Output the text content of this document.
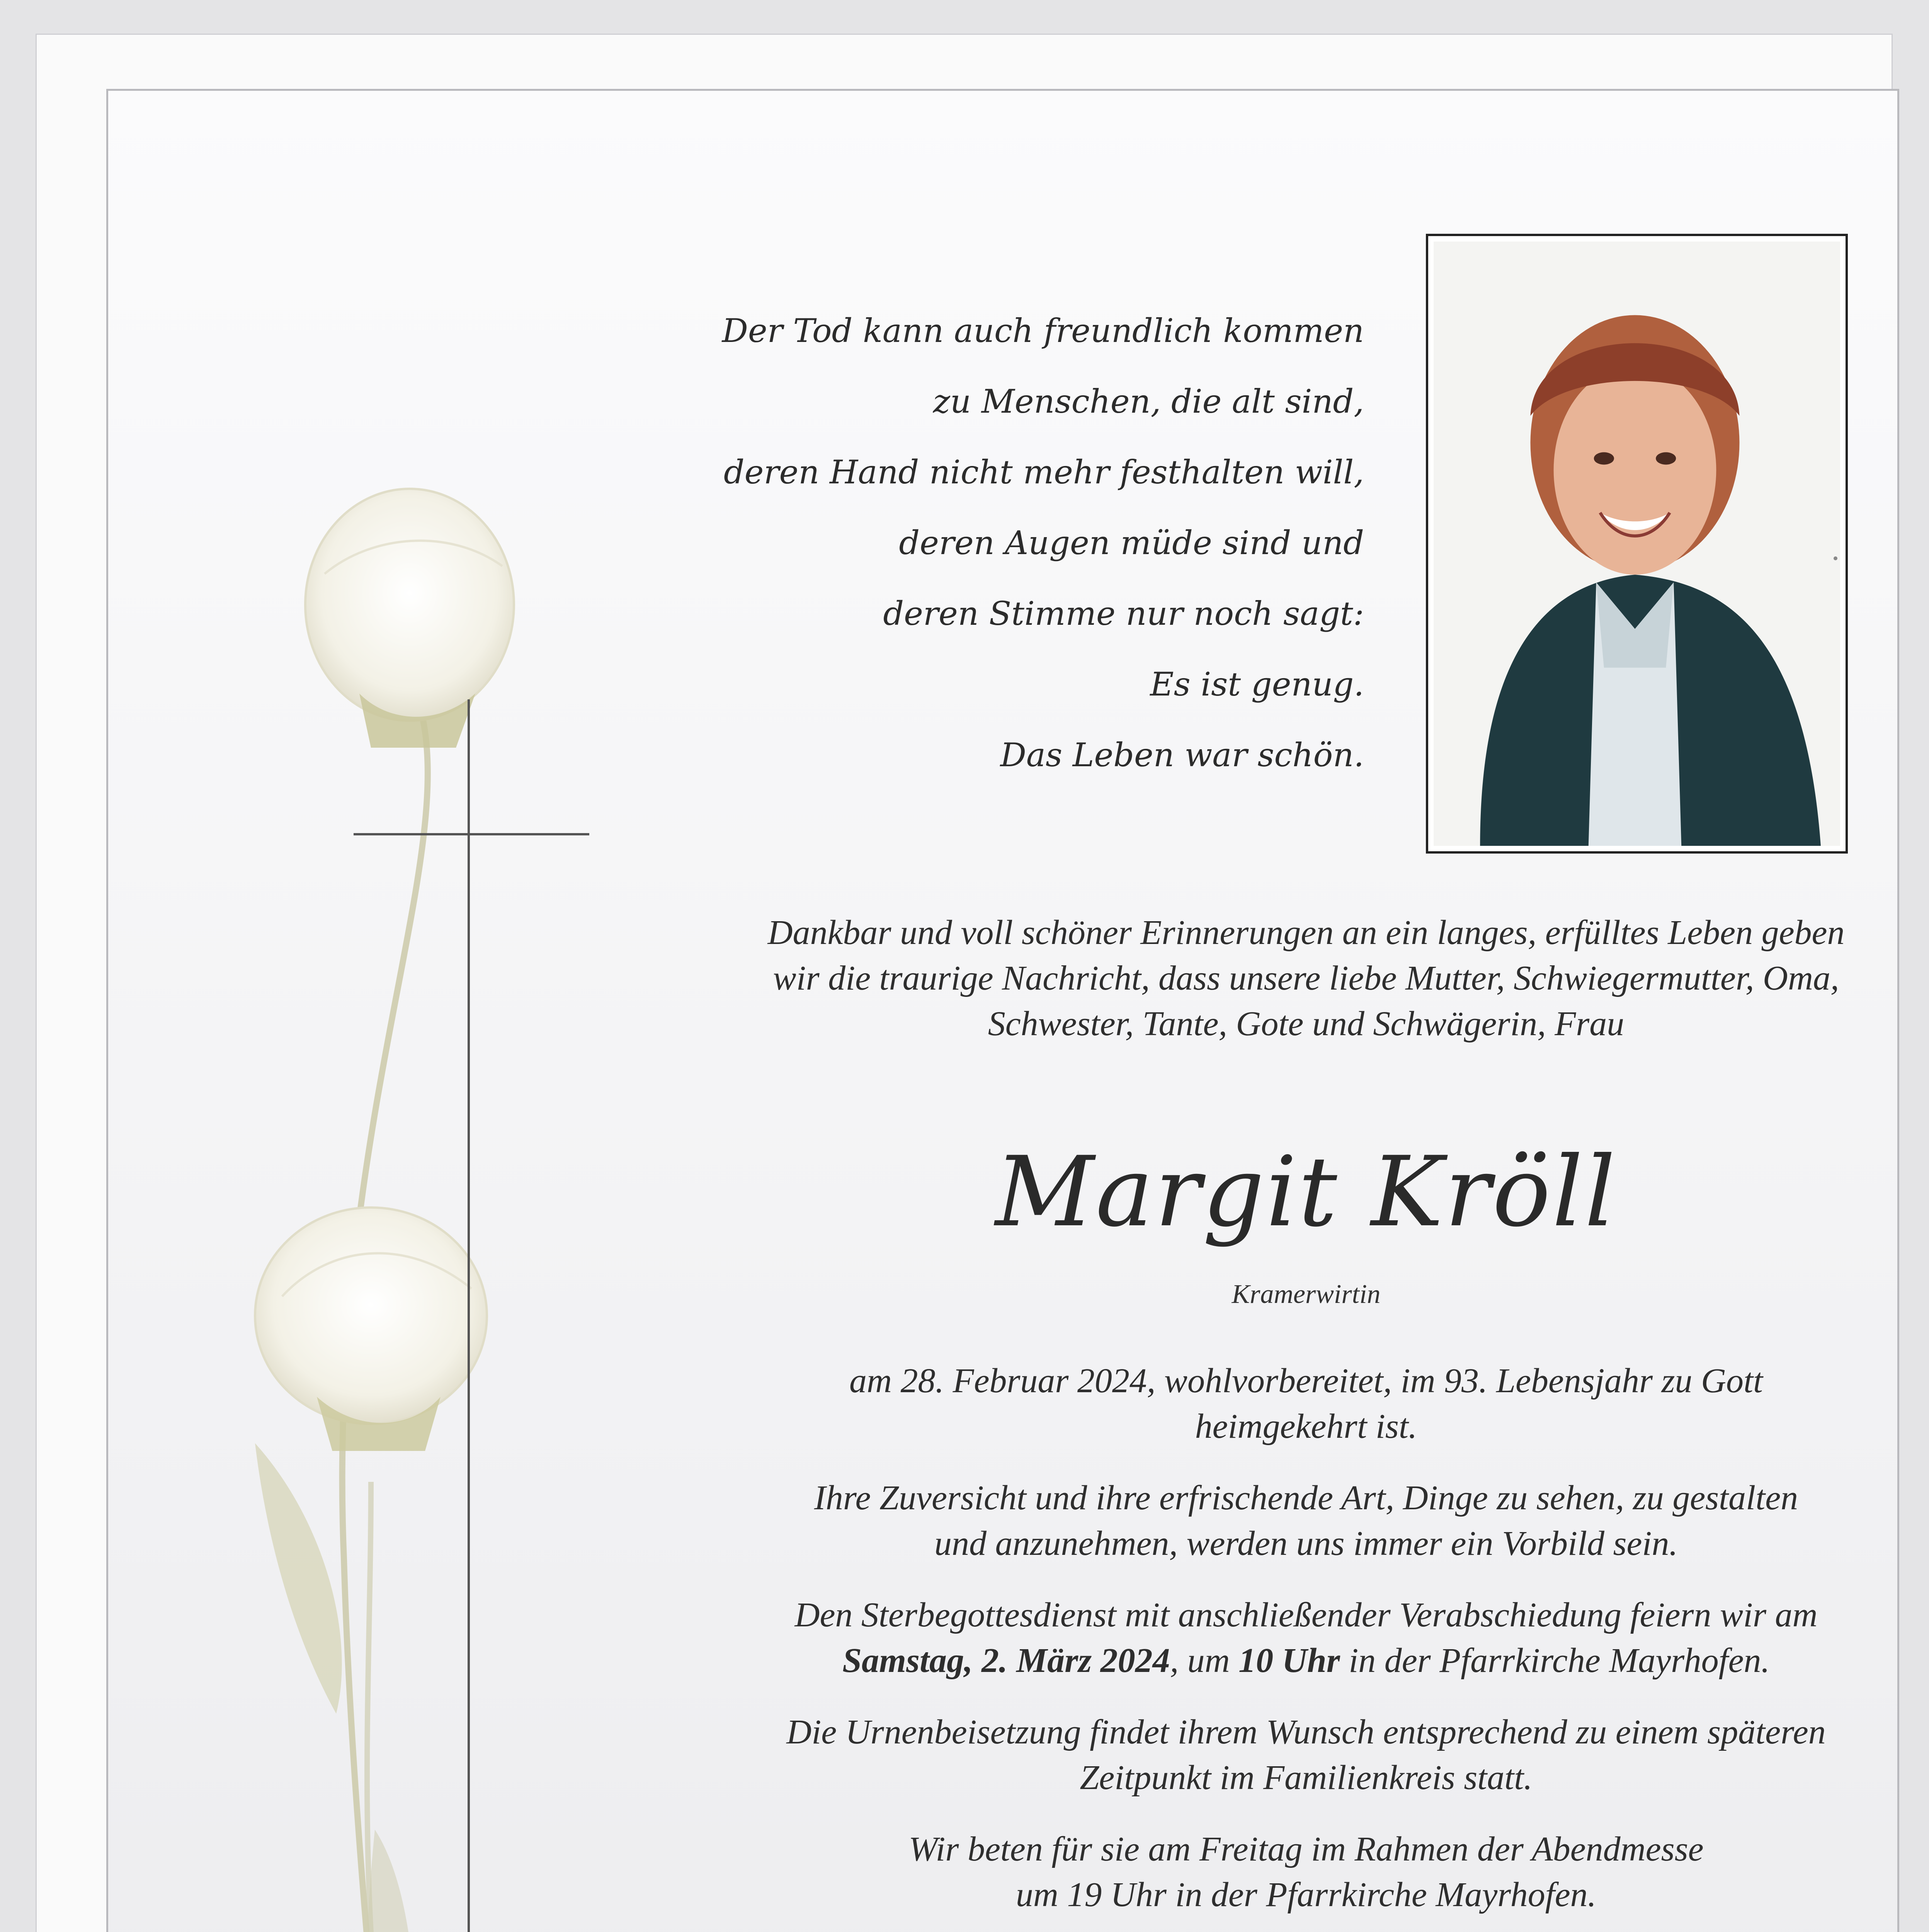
Der Tod kann auch freundlich kommen
zu Menschen, die alt sind,
deren Hand nicht mehr festhalten will,
deren Augen müde sind und
deren Stimme nur noch sagt:
Es ist genug.
Das Leben war schön.
Dankbar und voll schöner Erinnerungen an ein langes, erfülltes Leben geben
wir die traurige Nachricht, dass unsere liebe Mutter, Schwiegermutter, Oma,
Schwester, Tante, Gote und Schwägerin, Frau
Margit Kröll
Kramerwirtin

am 28. Februar 2024, wohlvorbereitet, im 93. Lebensjahr zu Gott
heimgekehrt ist.

Ihre Zuversicht und ihre erfrischende Art, Dinge zu sehen, zu gestalten
und anzunehmen, werden uns immer ein Vorbild sein.

Den Sterbegottesdienst mit anschließender Verabschiedung feiern wir am
Samstag, 2. März 2024, um 10 Uhr in der Pfarrkirche Mayrhofen.

Die Urnenbeisetzung findet ihrem Wunsch entsprechend zu einem späteren
Zeitpunkt im Familienkreis statt.

Wir beten für sie am Freitag im Rahmen der Abendmesse
um 19 Uhr in der Pfarrkirche Mayrhofen.
